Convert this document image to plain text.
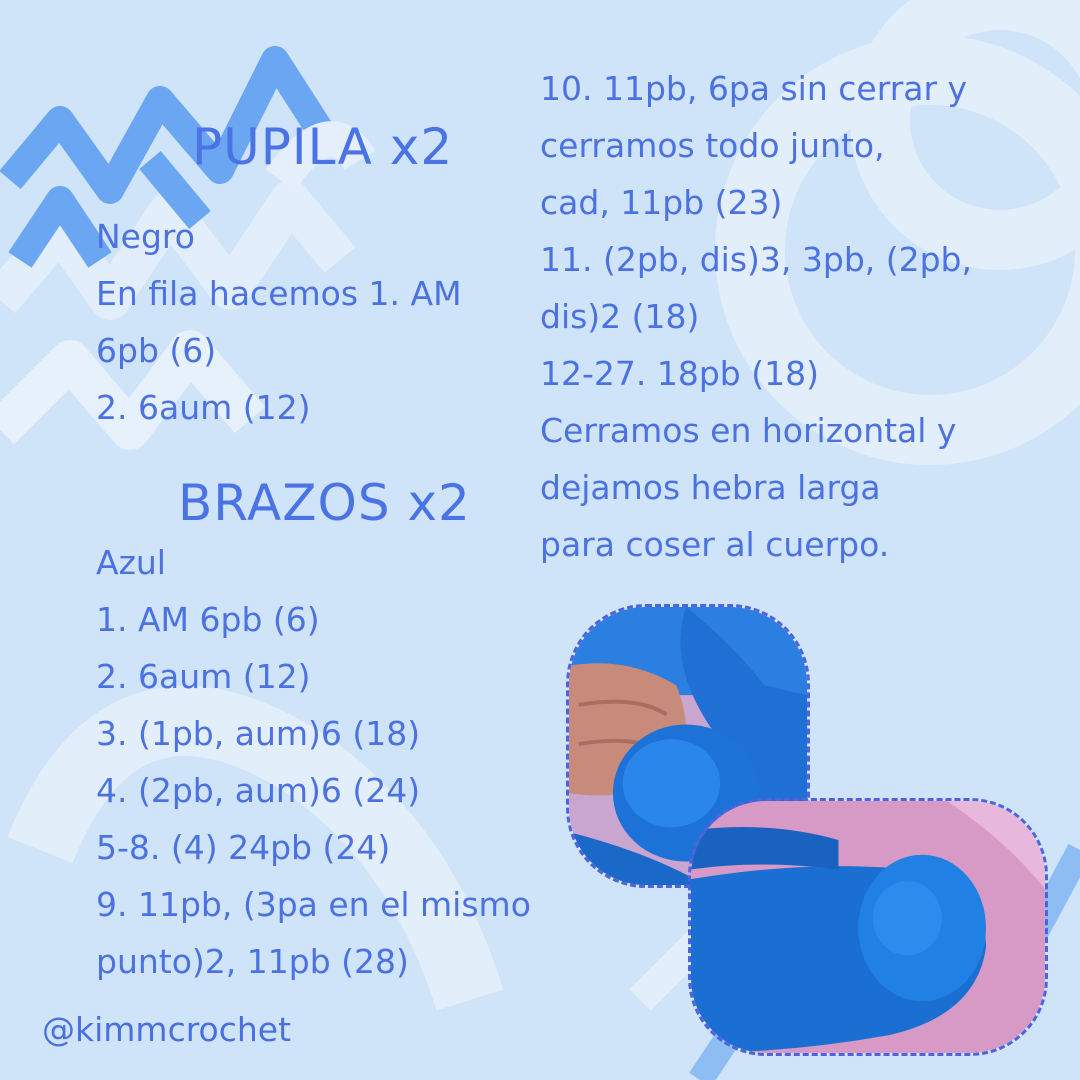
PUPILA x2
Negro
En fila hacemos 1. AM
6pb (6)
2. 6aum (12)
BRAZOS x2
Azul
1. AM 6pb (6)
2. 6aum (12)
3. (1pb, aum)6 (18)
4. (2pb, aum)6 (24)
5-8. (4) 24pb (24)
9. 11pb, (3pa en el mismo
punto)2, 11pb (28)
10. 11pb, 6pa sin cerrar y
cerramos todo junto,
cad, 11pb (23)
11. (2pb, dis)3, 3pb, (2pb,
dis)2 (18)
12-27. 18pb (18)
Cerramos en horizontal y
dejamos hebra larga
para coser al cuerpo.
@kimmcrochet
